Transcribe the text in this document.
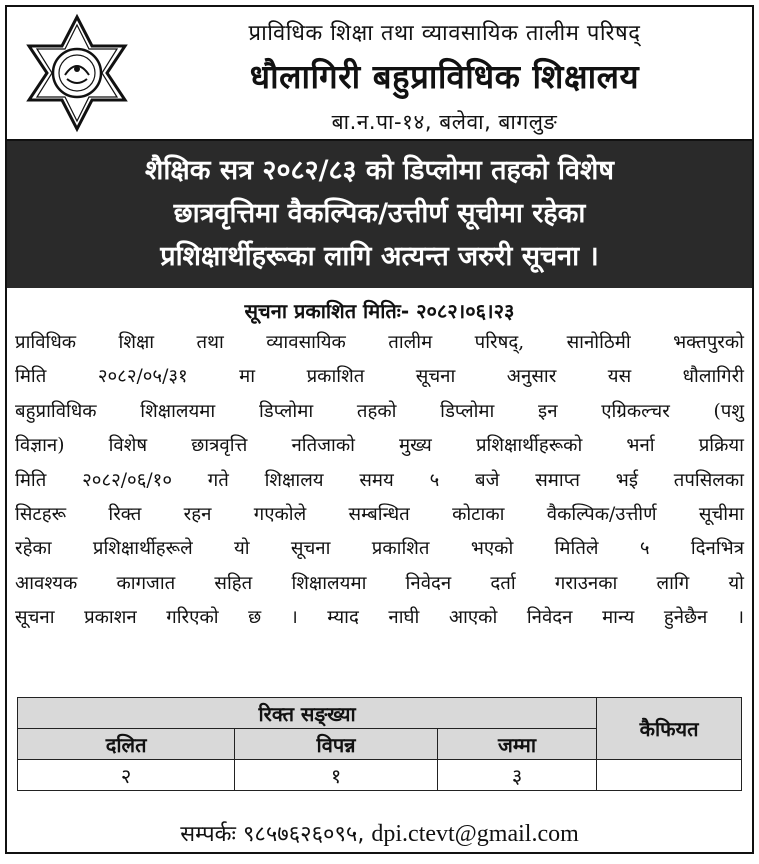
प्राविधिक शिक्षा तथा व्यावसायिक तालीम परिषद्
धौलागिरी बहुप्राविधिक शिक्षालय
बा.न.पा-१४, बलेवा, बागलुङ
शैक्षिक सत्र २०८२/८३ को डिप्लोमा तहको विशेष
छात्रवृत्तिमा वैकल्पिक/उत्तीर्ण सूचीमा रहेका
प्रशिक्षार्थीहरूका लागि अत्यन्त जरुरी सूचना ।
सूचना प्रकाशित मितिः- २०८२।०६।२३
प्राविधिक शिक्षा तथा व्यावसायिक तालीम परिषद्, सानोठिमी भक्तपुरको
मिति २०८२/०५/३१ मा प्रकाशित सूचना अनुसार यस धौलागिरी
बहुप्राविधिक शिक्षालयमा डिप्लोमा तहको डिप्लोमा इन एग्रिकल्चर (पशु
विज्ञान) विशेष छात्रवृत्ति नतिजाको मुख्य प्रशिक्षार्थीहरूको भर्ना प्रक्रिया
मिति २०८२/०६/१० गते शिक्षालय समय ५ बजे समाप्त भई तपसिलका
सिटहरू रिक्त रहन गएकोले सम्बन्धित कोटाका वैकल्पिक/उत्तीर्ण सूचीमा
रहेका प्रशिक्षार्थीहरूले यो सूचना प्रकाशित भएको मितिले ५ दिनभित्र
आवश्यक कागजात सहित शिक्षालयमा निवेदन दर्ता गराउनका लागि यो
सूचना प्रकाशन गरिएको छ । म्याद नाघी आएको निवेदन मान्य हुनेछैन ।
रिक्त सङ्ख्या			कैफियत
दलित	विपन्न	जम्मा	
२	१	३	
सम्पर्कः ९८५७६२६०९५, dpi.ctevt@gmail.com
